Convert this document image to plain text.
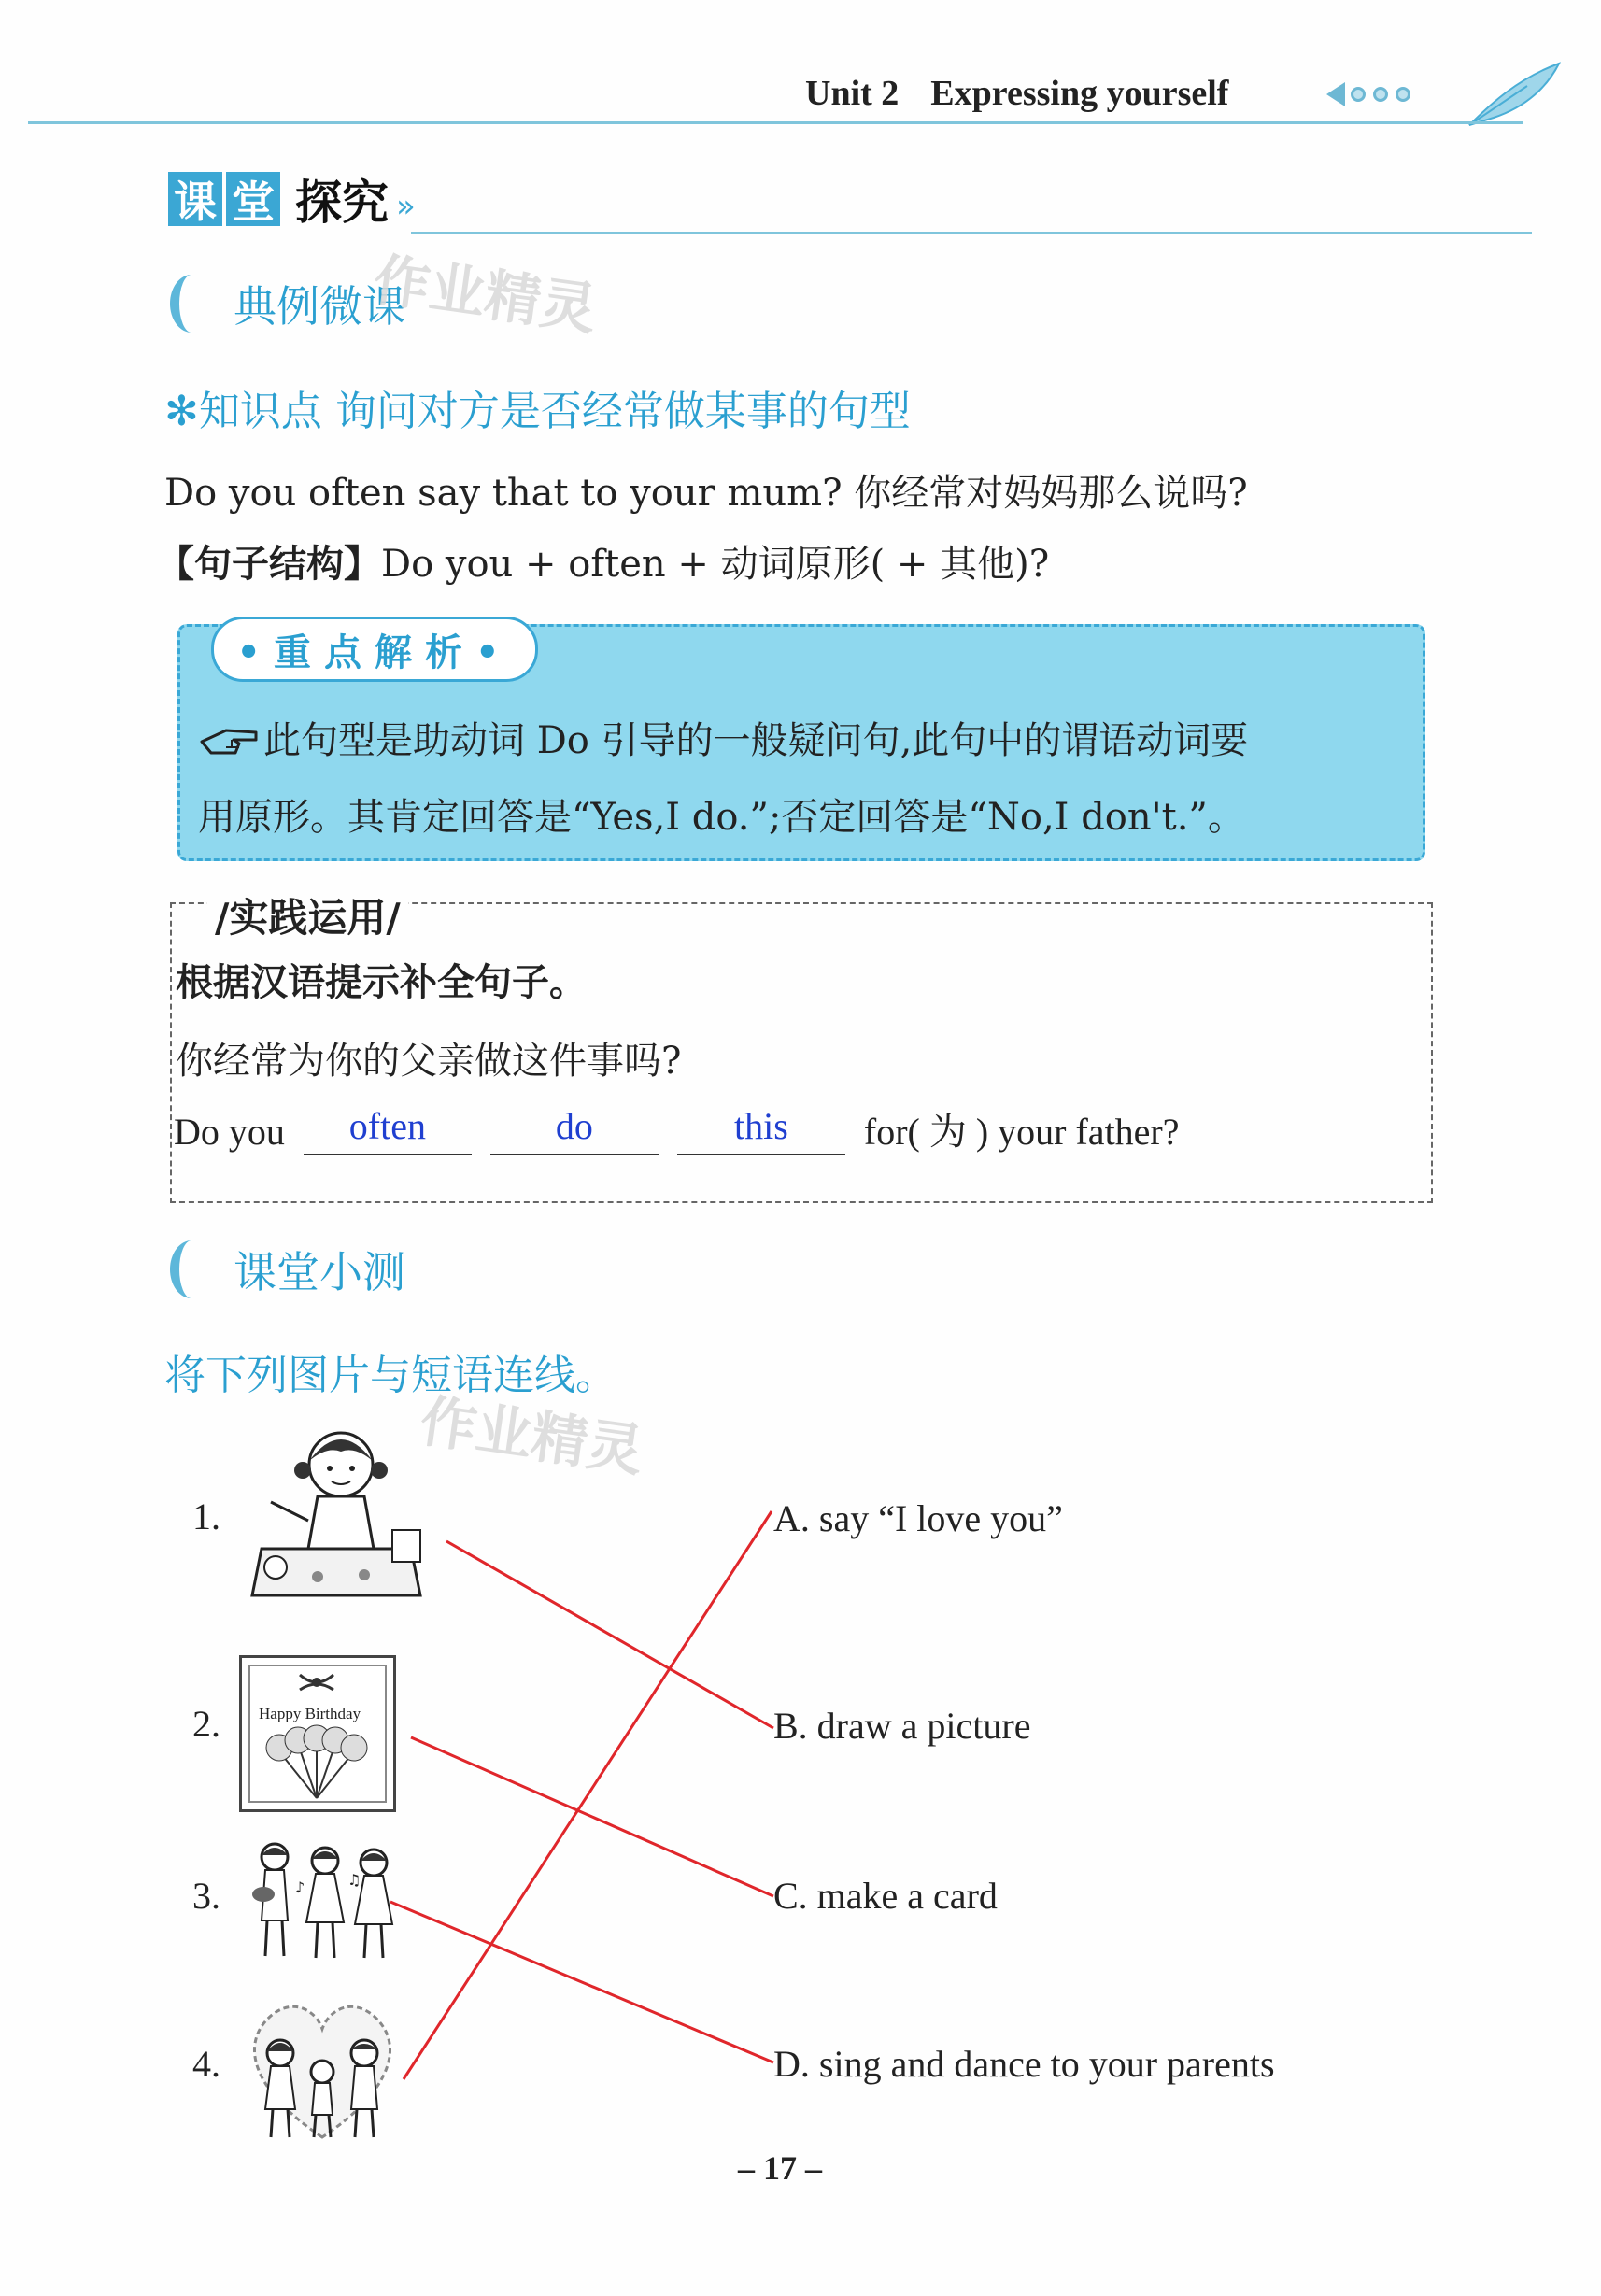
Unit 2 Expressing yourself
课 堂 探究 »
典例微课
作业精灵
✻知识点 询问对方是否经常做某事的句型
Do you often say that to your mum? 你经常对妈妈那么说吗?
【句子结构】Do you + often + 动词原形( + 其他)?
•重点解析•
此句型是助动词 Do 引导的一般疑问句,此句中的谓语动词要
用原形。其肯定回答是“Yes,I do.”;否定回答是“No,I don't.”。
/实践运用/
根据汉语提示补全句子。
你经常为你的父亲做这件事吗?
Do you often	do	this for( 为 ) your father?
课堂小测
将下列图片与短语连线。
作业精灵
1.
2.
3.
4.
Happy Birthday
♪	♫
A. say “I love you”
B. draw a picture
C. make a card
D. sing and dance to your parents
– 17 –
